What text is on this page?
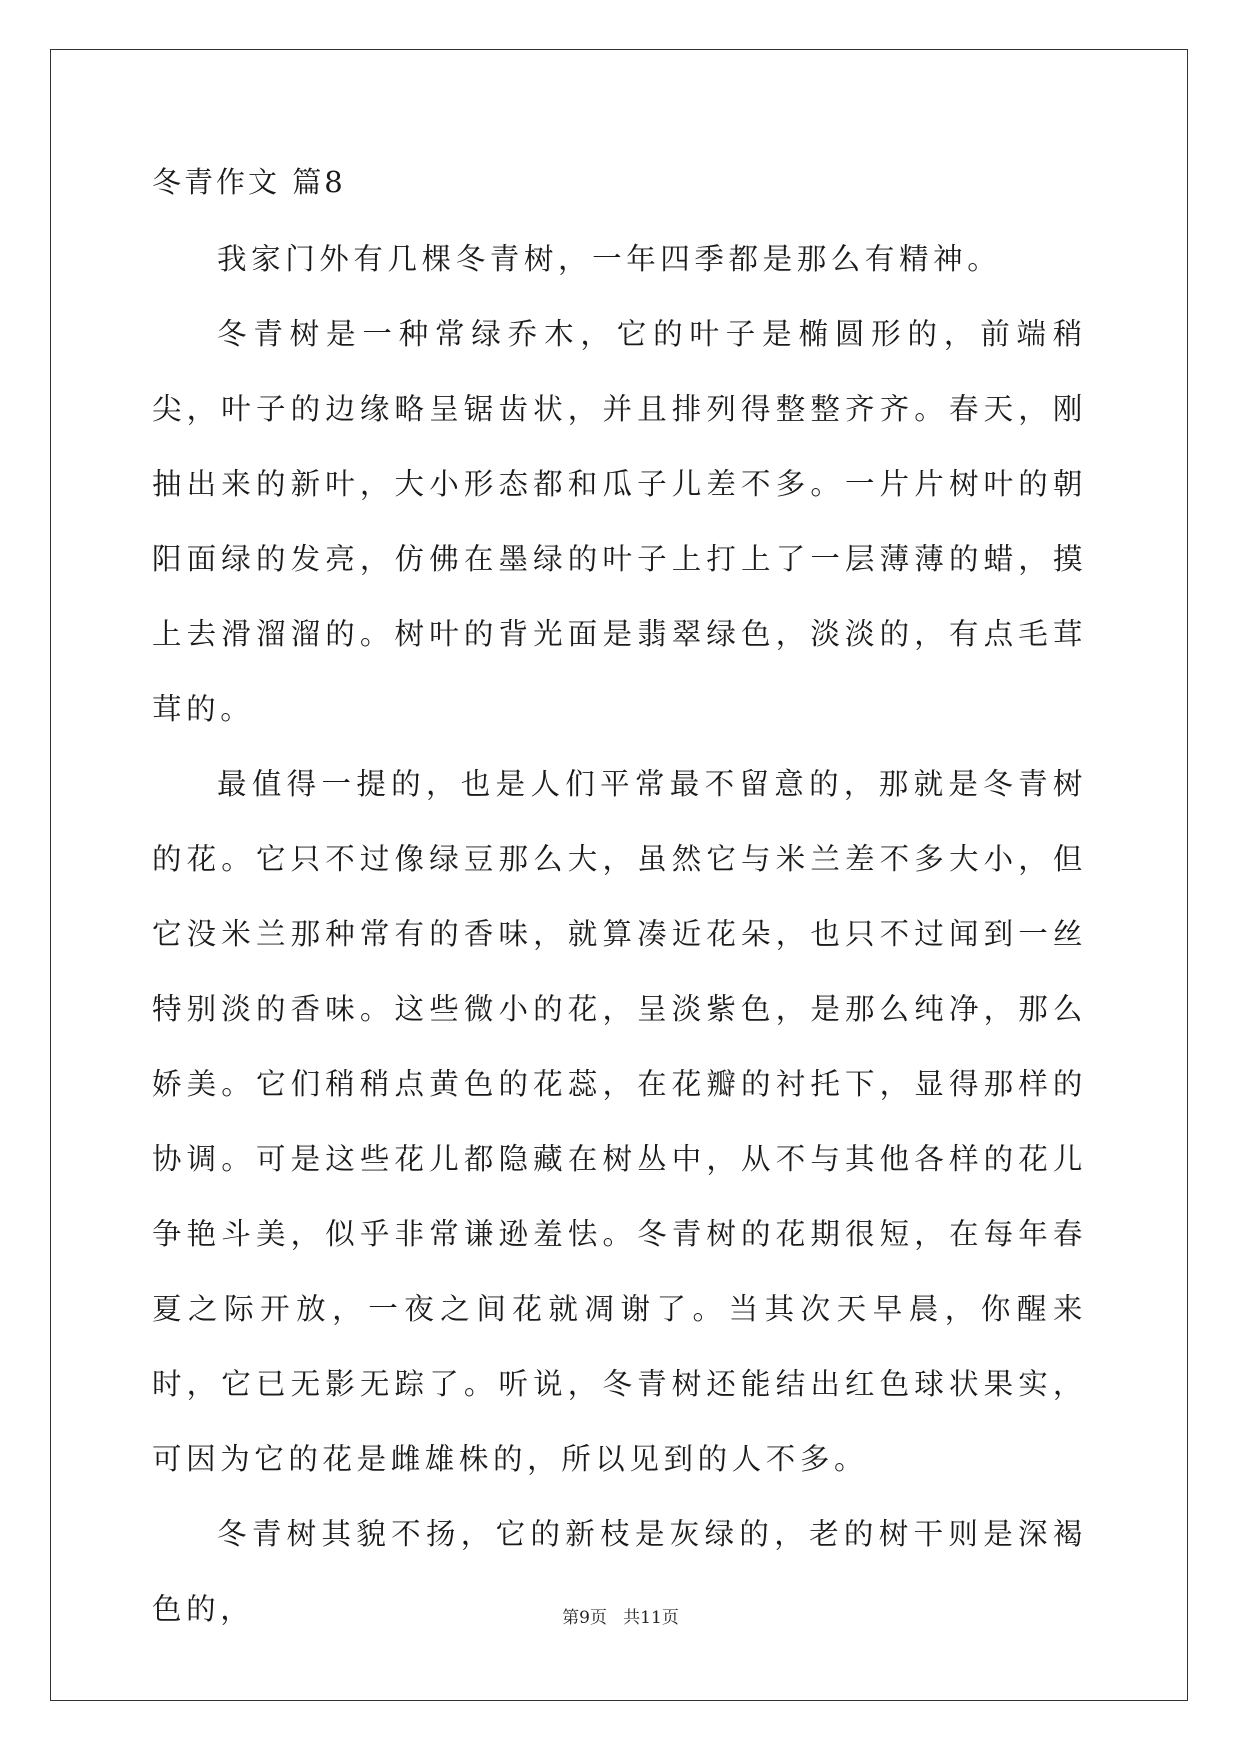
冬青作文 篇8

我家门外有几棵冬青树，一年四季都是那么有精神。

冬青树是一种常绿乔木，它的叶子是椭圆形的，前端稍尖，叶子的边缘略呈锯齿状，并且排列得整整齐齐。春天，刚抽出来的新叶，大小形态都和瓜子儿差不多。一片片树叶的朝阳面绿的发亮，仿佛在墨绿的叶子上打上了一层薄薄的蜡，摸上去滑溜溜的。树叶的背光面是翡翠绿色，淡淡的，有点毛茸茸的。

最值得一提的，也是人们平常最不留意的，那就是冬青树的花。它只不过像绿豆那么大，虽然它与米兰差不多大小，但它没米兰那种常有的香味，就算凑近花朵，也只不过闻到一丝特别淡的香味。这些微小的花，呈淡紫色，是那么纯净，那么娇美。它们稍稍点黄色的花蕊，在花瓣的衬托下，显得那样的协调。可是这些花儿都隐藏在树丛中，从不与其他各样的花儿争艳斗美，似乎非常谦逊羞怯。冬青树的花期很短，在每年春夏之际开放，一夜之间花就凋谢了。当其次天早晨，你醒来时，它已无影无踪了。听说，冬青树还能结出红色球状果实，可因为它的花是雌雄株的，所以见到的人不多。

冬青树其貌不扬，它的新枝是灰绿的，老的树干则是深褐色的，	第9页   共11页
